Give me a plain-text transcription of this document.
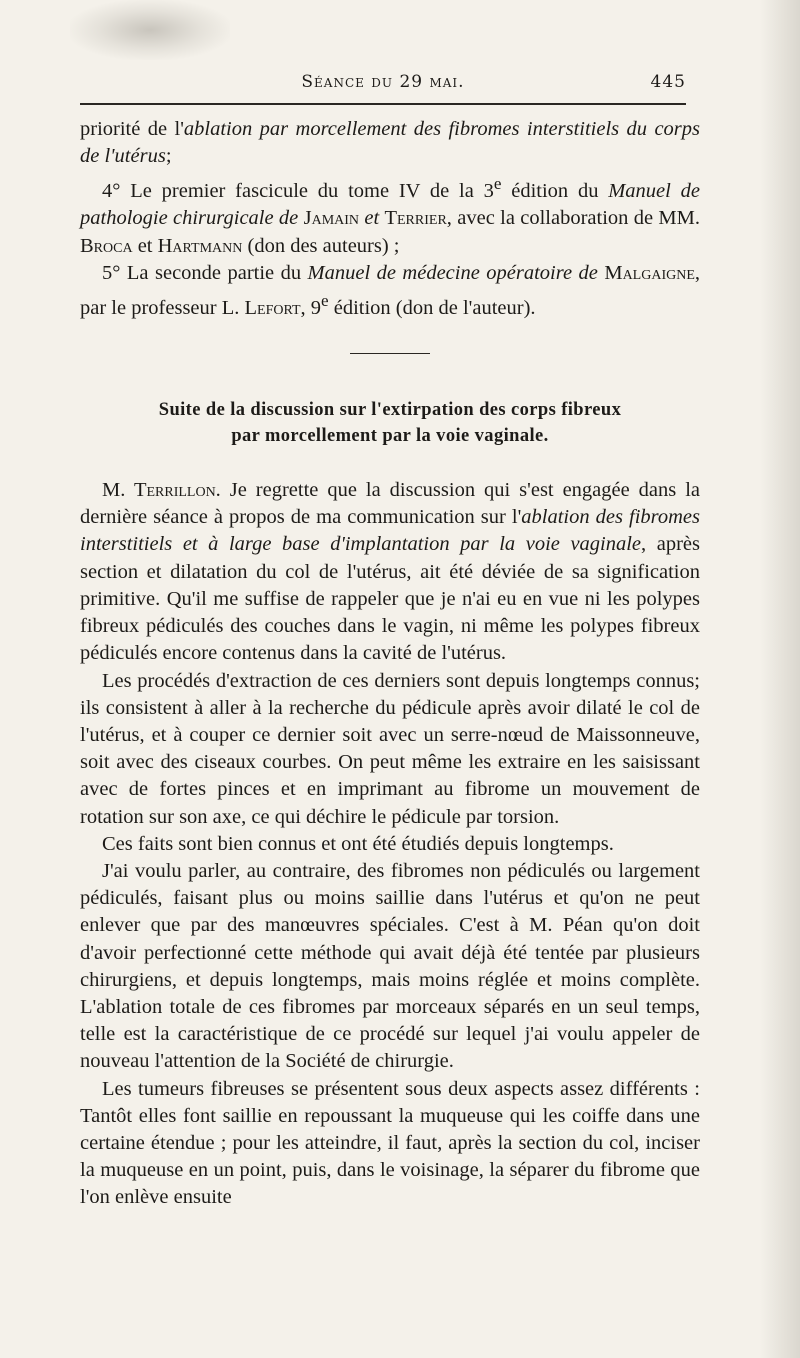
Séance du 29 mai.	445

priorité de l'ablation par morcellement des fibromes interstitiels du corps de l'utérus;

4° Le premier fascicule du tome IV de la 3e édition du Manuel de pathologie chirurgicale de Jamain et Terrier, avec la collaboration de MM. Broca et Hartmann (don des auteurs) ;

5° La seconde partie du Manuel de médecine opératoire de Malgaigne, par le professeur L. Lefort, 9e édition (don de l'auteur).

Suite de la discussion sur l'extirpation des corps fibreux
par morcellement par la voie vaginale.

M. Terrillon. Je regrette que la discussion qui s'est engagée dans la dernière séance à propos de ma communication sur l'ablation des fibromes interstitiels et à large base d'implantation par la voie vaginale, après section et dilatation du col de l'utérus, ait été déviée de sa signification primitive. Qu'il me suffise de rappeler que je n'ai eu en vue ni les polypes fibreux pédiculés des couches dans le vagin, ni même les polypes fibreux pédiculés encore contenus dans la cavité de l'utérus.

Les procédés d'extraction de ces derniers sont depuis longtemps connus; ils consistent à aller à la recherche du pédicule après avoir dilaté le col de l'utérus, et à couper ce dernier soit avec un serre-nœud de Maissonneuve, soit avec des ciseaux courbes. On peut même les extraire en les saisissant avec de fortes pinces et en imprimant au fibrome un mouvement de rotation sur son axe, ce qui déchire le pédicule par torsion.

Ces faits sont bien connus et ont été étudiés depuis longtemps.

J'ai voulu parler, au contraire, des fibromes non pédiculés ou largement pédiculés, faisant plus ou moins saillie dans l'utérus et qu'on ne peut enlever que par des manœuvres spéciales. C'est à M. Péan qu'on doit d'avoir perfectionné cette méthode qui avait déjà été tentée par plusieurs chirurgiens, et depuis longtemps, mais moins réglée et moins complète. L'ablation totale de ces fibromes par morceaux séparés en un seul temps, telle est la caractéristique de ce procédé sur lequel j'ai voulu appeler de nouveau l'attention de la Société de chirurgie.

Les tumeurs fibreuses se présentent sous deux aspects assez différents : Tantôt elles font saillie en repoussant la muqueuse qui les coiffe dans une certaine étendue ; pour les atteindre, il faut, après la section du col, inciser la muqueuse en un point, puis, dans le voisinage, la séparer du fibrome que l'on enlève ensuite
